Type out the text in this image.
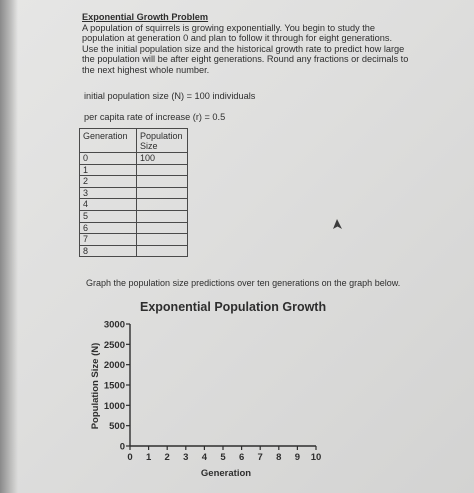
Exponential Growth Problem
A population of squirrels is growing exponentially. You begin to study the
population at generation 0 and plan to follow it through for eight generations.
Use the initial population size and the historical growth rate to predict how large
the population will be after eight generations. Round any fractions or decimals to
the next highest whole number.
initial population size (N) = 100 individuals
per capita rate of increase (r) = 0.5
Generation	Population Size
0	100
1	
2	
3	
4	
5	
6	
7	
8	
Graph the population size predictions over ten generations on the graph below.
Exponential Population Growth
0
500
1000
1500
2000
2500
3000
0 1 2 3 4 5 6 7 8 9 10
Population Size (N)
Generation
